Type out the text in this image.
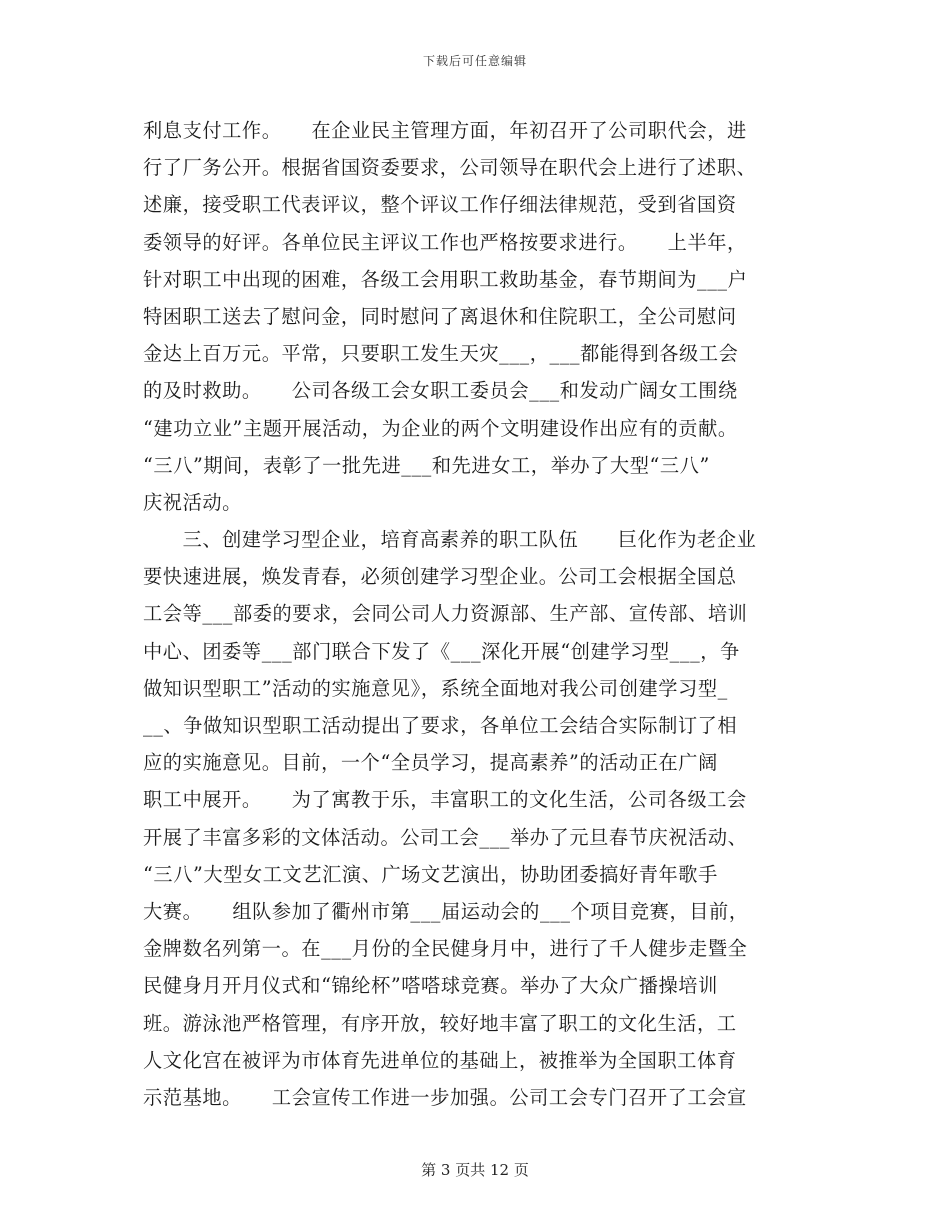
下载后可任意编辑
利息支付工作。　　在企业民主管理方面，年初召开了公司职代会，进
行了厂务公开。根据省国资委要求，公司领导在职代会上进行了述职、
述廉，接受职工代表评议，整个评议工作仔细法律规范，受到省国资
委领导的好评。各单位民主评议工作也严格按要求进行。　　上半年，
针对职工中出现的困难，各级工会用职工救助基金，春节期间为___户
特困职工送去了慰问金，同时慰问了离退休和住院职工，全公司慰问
金达上百万元。平常，只要职工发生天灾___，___都能得到各级工会
的及时救助。　　公司各级工会女职工委员会___和发动广阔女工围绕
“建功立业”主题开展活动，为企业的两个文明建设作出应有的贡献。
“三八”期间，表彰了一批先进___和先进女工，举办了大型“三八”
庆祝活动。
　　三、创建学习型企业，培育高素养的职工队伍　　巨化作为老企业
要快速进展，焕发青春，必须创建学习型企业。公司工会根据全国总
工会等___部委的要求，会同公司人力资源部、生产部、宣传部、培训
中心、团委等___部门联合下发了《___深化开展“创建学习型___，争
做知识型职工”活动的实施意见》，系统全面地对我公司创建学习型_
__、争做知识型职工活动提出了要求，各单位工会结合实际制订了相
应的实施意见。目前，一个“全员学习，提高素养”的活动正在广阔
职工中展开。　　为了寓教于乐，丰富职工的文化生活，公司各级工会
开展了丰富多彩的文体活动。公司工会___举办了元旦春节庆祝活动、
“三八”大型女工文艺汇演、广场文艺演出，协助团委搞好青年歌手
大赛。　　组队参加了衢州市第___届运动会的___个项目竞赛，目前，
金牌数名列第一。在___月份的全民健身月中，进行了千人健步走暨全
民健身月开月仪式和“锦纶杯”嗒嗒球竞赛。举办了大众广播操培训
班。游泳池严格管理，有序开放，较好地丰富了职工的文化生活，工
人文化宫在被评为市体育先进单位的基础上，被推举为全国职工体育
示范基地。　　工会宣传工作进一步加强。公司工会专门召开了工会宣
第 3 页共 12 页
